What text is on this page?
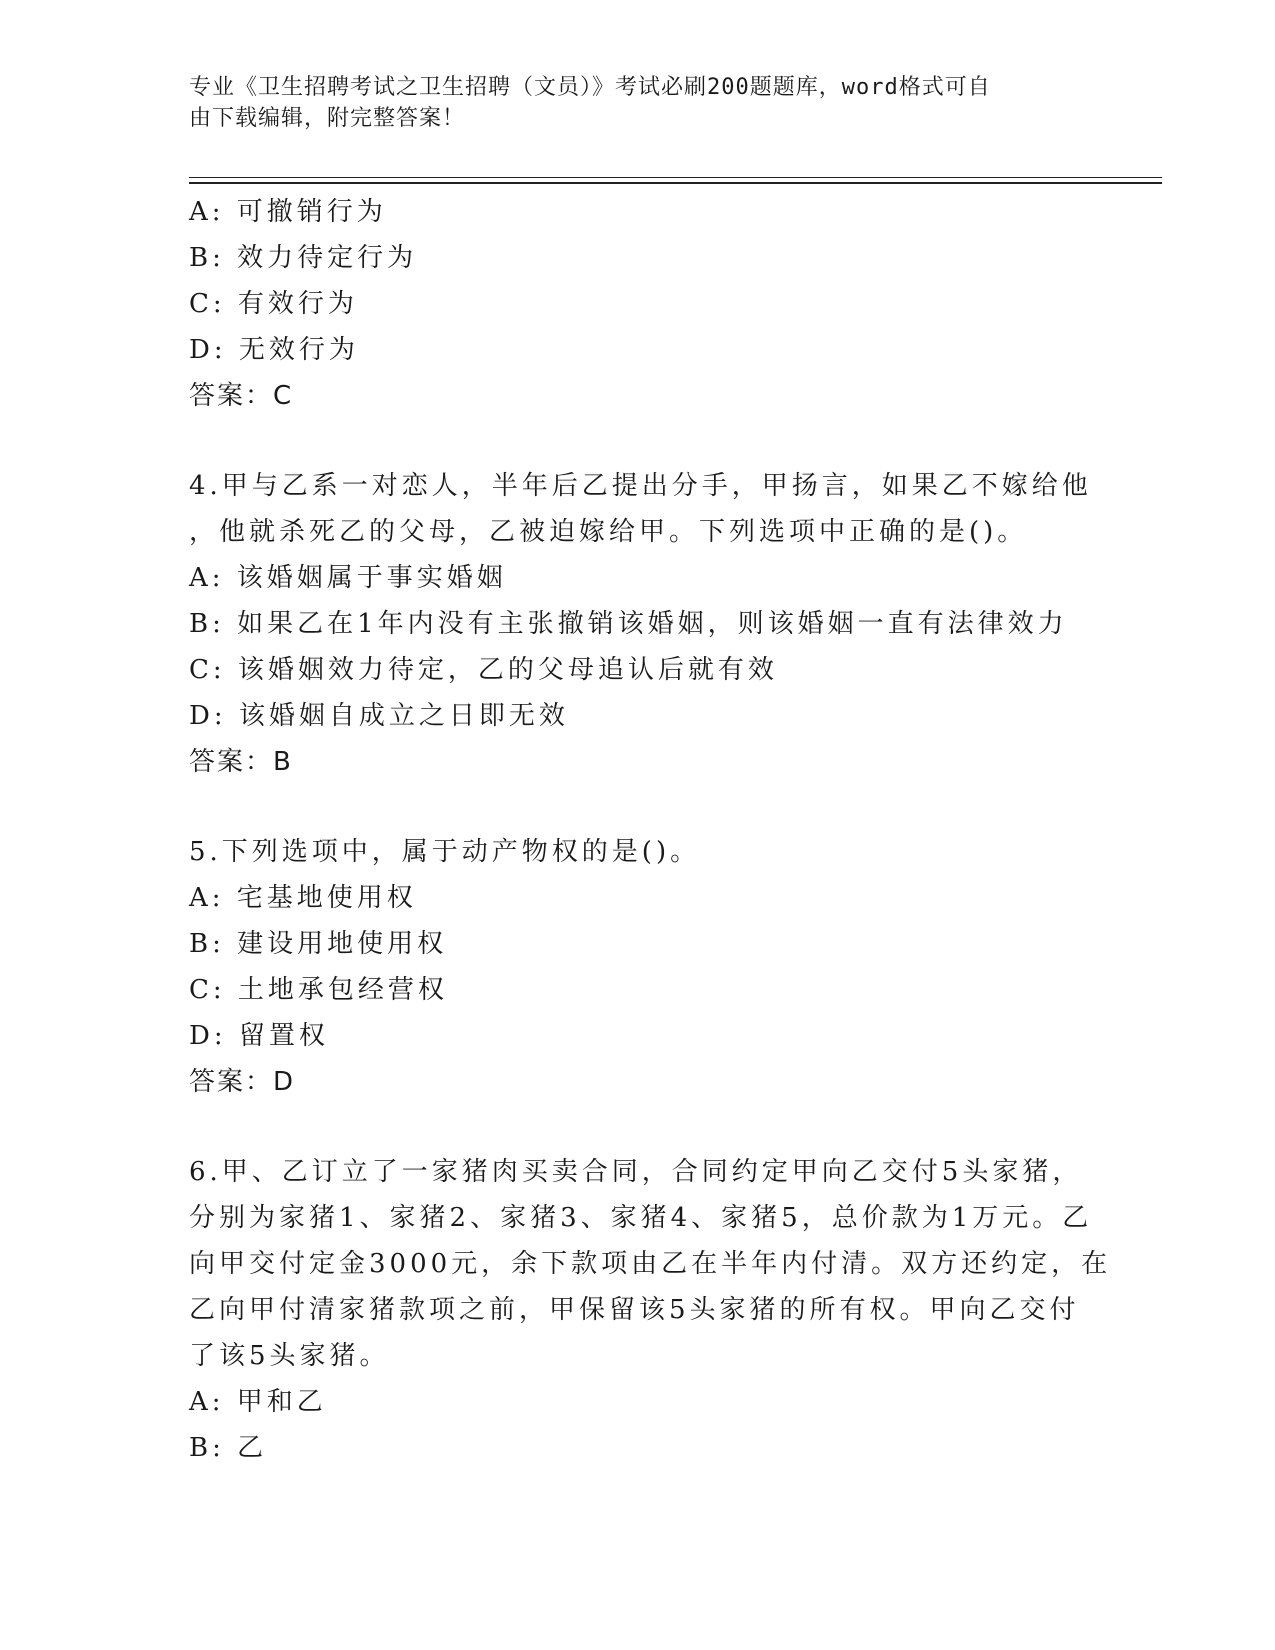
专业《卫生招聘考试之卫生招聘（文员）》考试必刷200题题库，word格式可自
由下载编辑，附完整答案！
A: 可撤销行为
B: 效力待定行为
C: 有效行为
D: 无效行为
答案：C
4.甲与乙系一对恋人，半年后乙提出分手，甲扬言，如果乙不嫁给他
，他就杀死乙的父母，乙被迫嫁给甲。下列选项中正确的是()。
A: 该婚姻属于事实婚姻
B: 如果乙在1年内没有主张撤销该婚姻，则该婚姻一直有法律效力
C: 该婚姻效力待定，乙的父母追认后就有效
D: 该婚姻自成立之日即无效
答案：B
5.下列选项中，属于动产物权的是()。
A: 宅基地使用权
B: 建设用地使用权
C: 土地承包经营权
D: 留置权
答案：D
6.甲、乙订立了一家猪肉买卖合同，合同约定甲向乙交付5头家猪，
分别为家猪1、家猪2、家猪3、家猪4、家猪5，总价款为1万元。乙
向甲交付定金3000元，余下款项由乙在半年内付清。双方还约定，在
乙向甲付清家猪款项之前，甲保留该5头家猪的所有权。甲向乙交付
了该5头家猪。
A: 甲和乙
B: 乙
